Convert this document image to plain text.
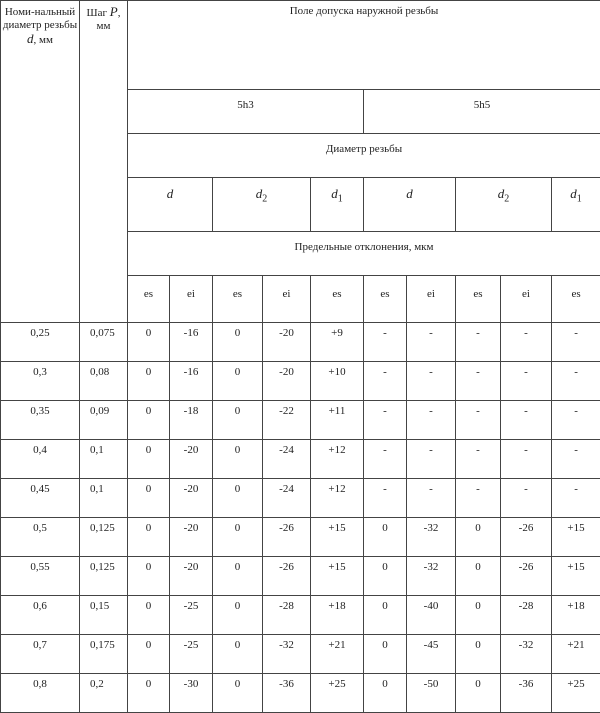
Номи-нальный диаметр резьбы d, мм	Шаг P, мм	Поле допуска наружной резьбы									
		5h3					5h5				
		Диаметр резьбы									
		d		$d_2$		$d_1$	d		$d_2$		$d_1$
		Предельные отклонения, мкм									
		es	ei	es	ei	es	es	ei	es	ei	es
0,25	0,075	0	-16	0	-20	+9	-	-	-	-	-
0,3	0,08	0	-16	0	-20	+10	-	-	-	-	-
0,35	0,09	0	-18	0	-22	+11	-	-	-	-	-
0,4	0,1	0	-20	0	-24	+12	-	-	-	-	-
0,45	0,1	0	-20	0	-24	+12	-	-	-	-	-
0,5	0,125	0	-20	0	-26	+15	0	-32	0	-26	+15
0,55	0,125	0	-20	0	-26	+15	0	-32	0	-26	+15
0,6	0,15	0	-25	0	-28	+18	0	-40	0	-28	+18
0,7	0,175	0	-25	0	-32	+21	0	-45	0	-32	+21
0,8	0,2	0	-30	0	-36	+25	0	-50	0	-36	+25
